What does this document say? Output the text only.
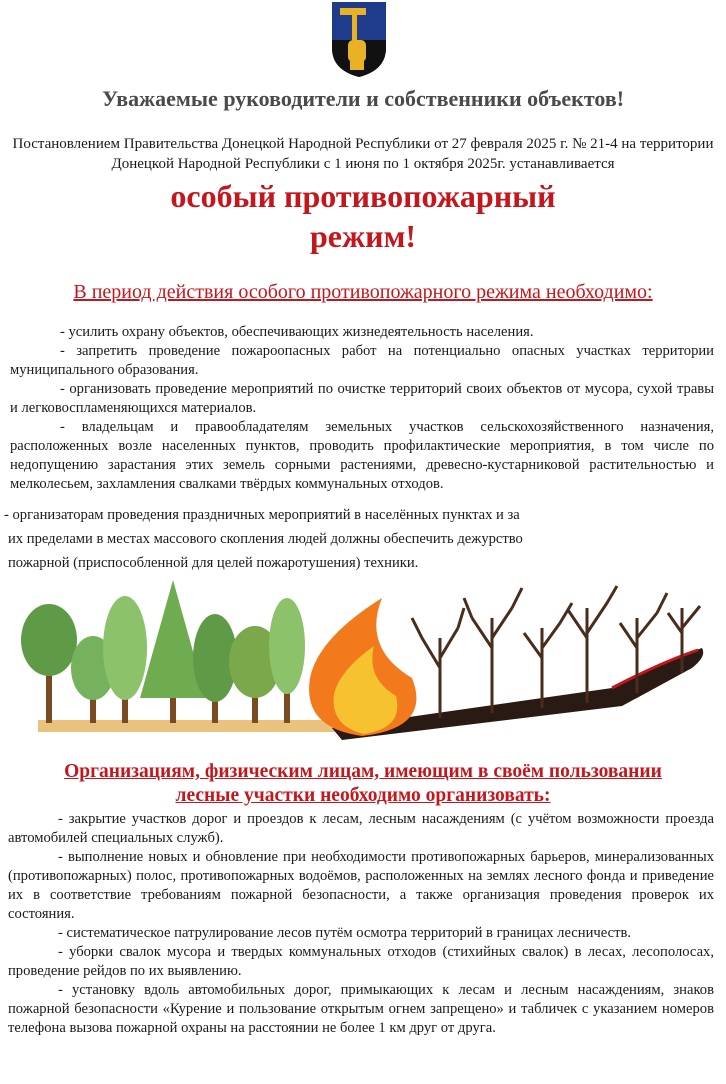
Уважаемые руководители и собственники объектов!
Постановлением Правительства Донецкой Народной Республики от 27 февраля 2025 г. № 21-4 на территории Донецкой Народной Республики с 1 июня по 1 октября 2025г. устанавливается
особый противопожарный
режим!
В период действия особого противопожарного режима необходимо:

- усилить охрану объектов, обеспечивающих жизнедеятельность населения.

- запретить проведение пожароопасных работ на потенциально опасных участках территории муниципального образования.

- организовать проведение мероприятий по очистке территорий своих объектов от мусора, сухой травы и легковоспламеняющихся материалов.

- владельцам и правообладателям земельных участков сельскохозяйственного назначения, расположенных возле населенных пунктов, проводить профилактические мероприятия, в том числе по недопущению зарастания этих земель сорными растениями, древесно-кустарниковой растительностью и мелколесьем, захламления свалками твёрдых коммунальных отходов.

- организаторам проведения праздничных мероприятий в населённых пунктах и за
их пределами в местах массового скопления людей должны обеспечить дежурство
пожарной (приспособленной для целей пожаротушения) техники.
Организациям, физическим лицам, имеющим в своём пользовании
лесные участки необходимо организовать:

- закрытие участков дорог и проездов к лесам, лесным насаждениям (с учётом возможности проезда автомобилей специальных служб).

- выполнение новых и обновление при необходимости противопожарных барьеров, минерализованных (противопожарных) полос, противопожарных водоёмов, расположенных на землях лесного фонда и приведение их в соответствие требованиям пожарной безопасности, а также организация проведения проверок их состояния.

- систематическое патрулирование лесов путём осмотра территорий в границах лесничеств.

- уборки свалок мусора и твердых коммунальных отходов (стихийных свалок) в лесах, лесополосах, проведение рейдов по их выявлению.

- установку вдоль автомобильных дорог, примыкающих к лесам и лесным насаждениям, знаков пожарной безопасности «Курение и пользование открытым огнем запрещено» и табличек с указанием номеров телефона вызова пожарной охраны на расстоянии не более 1 км друг от друга.
